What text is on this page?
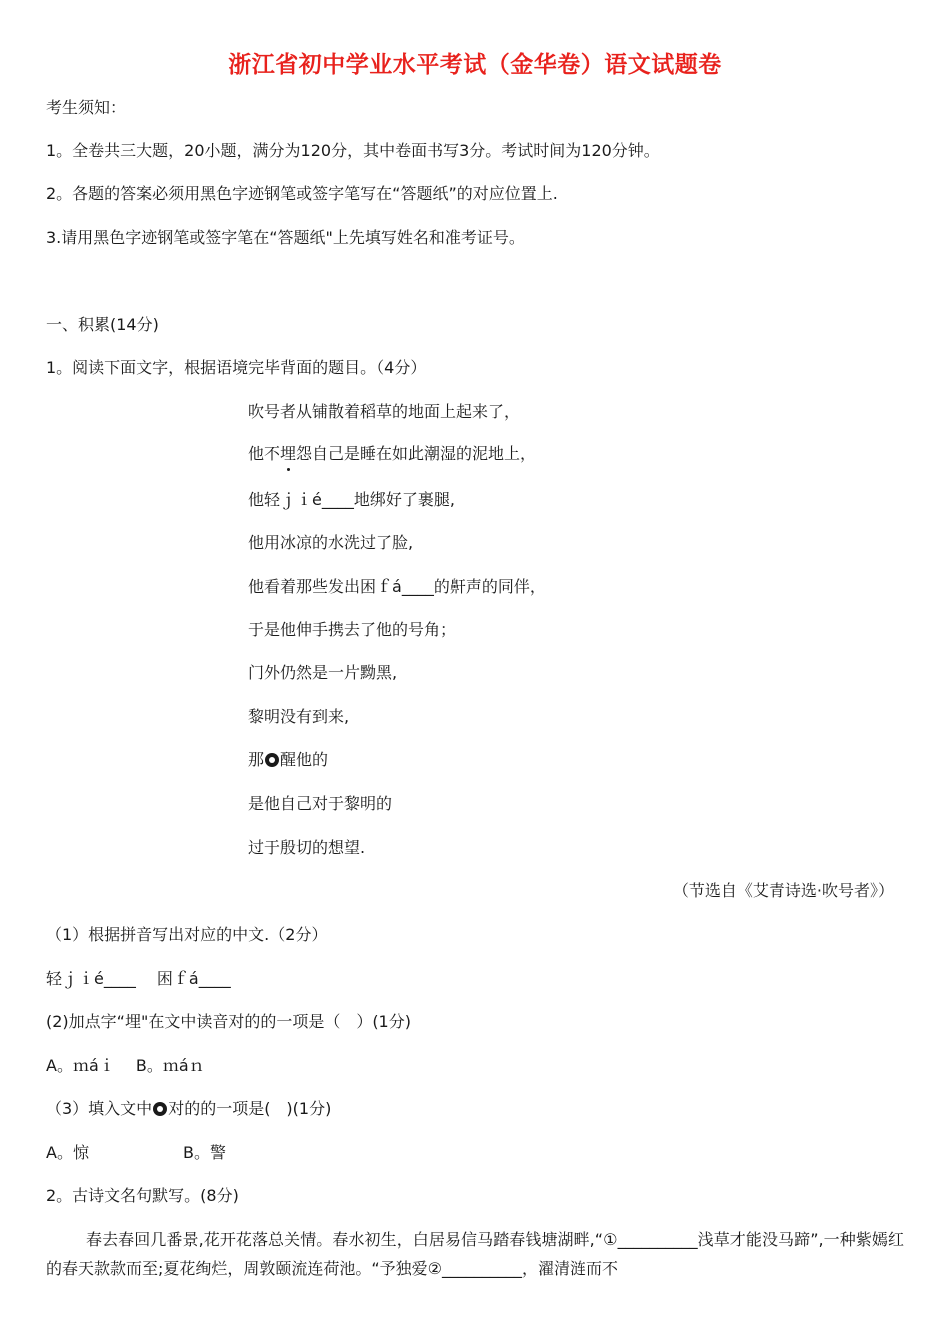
浙江省初中学业水平考试（金华卷）语文试题卷
考生须知：
1。全卷共三大题，20小题，满分为120分，其中卷面书写3分。考试时间为120分钟。
2。各题的答案必须用黑色字迹钢笔或签字笔写在“答题纸”的对应位置上.
3.请用黑色字迹钢笔或签字笔在“答题纸"上先填写姓名和准考证号。
一、积累(14分)
1。阅读下面文字，根据语境完毕背面的题目。（4分）
吹号者从铺散着稻草的地面上起来了，
他不埋怨自己是睡在如此潮湿的泥地上，
他轻ｊｉé____地绑好了裹腿,
他用冰凉的水洗过了脸,
他看着那些发出困ｆá____的鼾声的同伴，
于是他伸手携去了他的号角；
门外仍然是一片黝黑,
黎明没有到来,
那 醒他的
是他自己对于黎明的
过于殷切的想望.
（节选自《艾青诗选·吹号者》）
（1）根据拼音写出对应的中文.（2分）
轻ｊｉé____　 困ｆá____
(2)加点字“埋"在文中读音对的的一项是（　）(1分)
A。ｍáｉ　 B。ｍáｎ
（3）填入文中 对的的一项是(　)(1分)
A。惊	B。警
2。古诗文名句默写。(8分)
春去春回几番景,花开花落总关情。春水初生，白居易信马踏春钱塘湖畔,“①__________浅草才能没马蹄”,一种紫嫣红的春天款款而至;夏花绚烂，周敦颐流连荷池。“予独爱②__________，濯清涟而不
